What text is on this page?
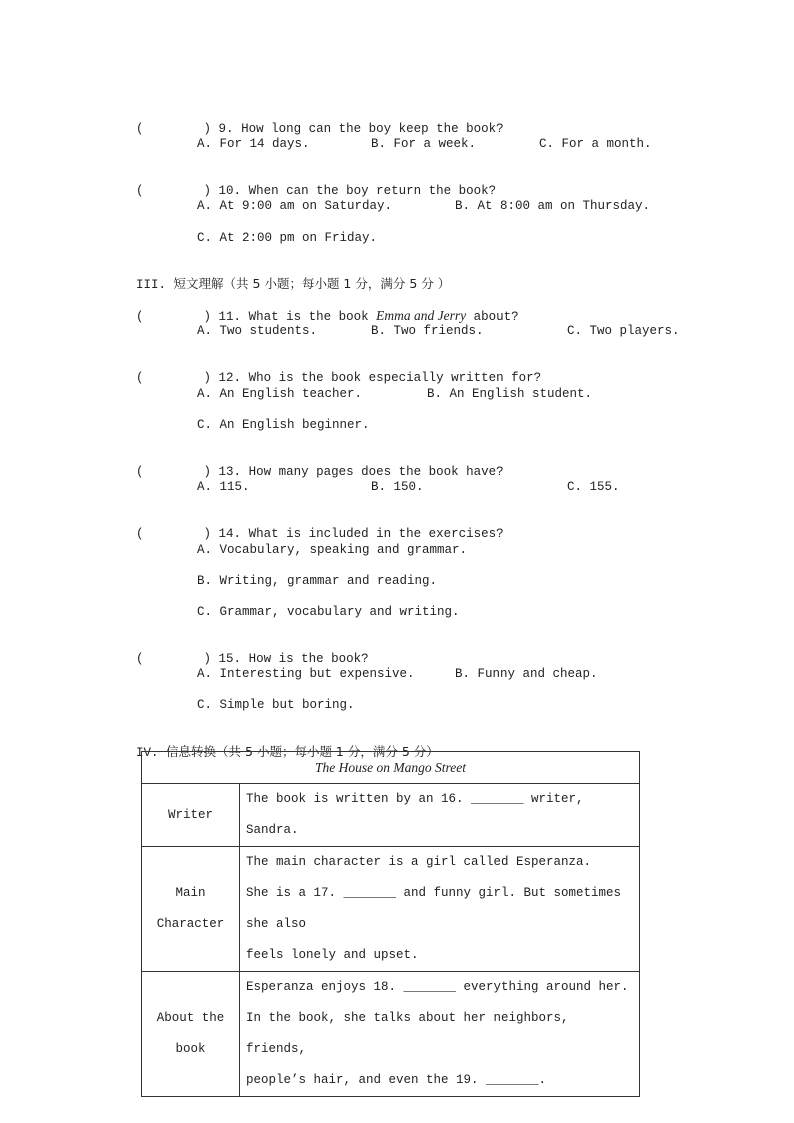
(        ) 9. How long can the boy keep the book?

A. For 14 days.	B. For a week.	C. For a month.

(        ) 10. When can the boy return the book?

A. At 9:00 am on Saturday.	B. At 8:00 am on Thursday.
C. At 2:00 pm on Friday.

III. 短文理解（共 5 小题；每小题 1 分，满分 5 分 ）

(        ) 11. What is the book Emma and Jerry about?

A. Two students.	B. Two friends.	C. Two players.

(        ) 12. Who is the book especially written for?

A. An English teacher.	B. An English student.
C. An English beginner.

(        ) 13. How many pages does the book have?

A. 115.	B. 150.	C. 155.

(        ) 14. What is included in the exercises?

A. Vocabulary, speaking and grammar.
B. Writing, grammar and reading.
C. Grammar, vocabulary and writing.

(        ) 15. How is the book?

A. Interesting but expensive.	B. Funny and cheap.
C. Simple but boring.

IV. 信息转换（共 5 小题；每小题 1 分，满分 5 分）

The House on Mango Street	
Writer	The book is written by an 16. _______ writer, Sandra.
Main
Character	The main character is a girl called Esperanza.
She is a 17. _______ and funny girl. But sometimes she also
feels lonely and upset.
About the
book	Esperanza enjoys 18. _______ everything around her.
In the book, she talks about her neighbors, friends,
people’s hair, and even the 19. _______.
